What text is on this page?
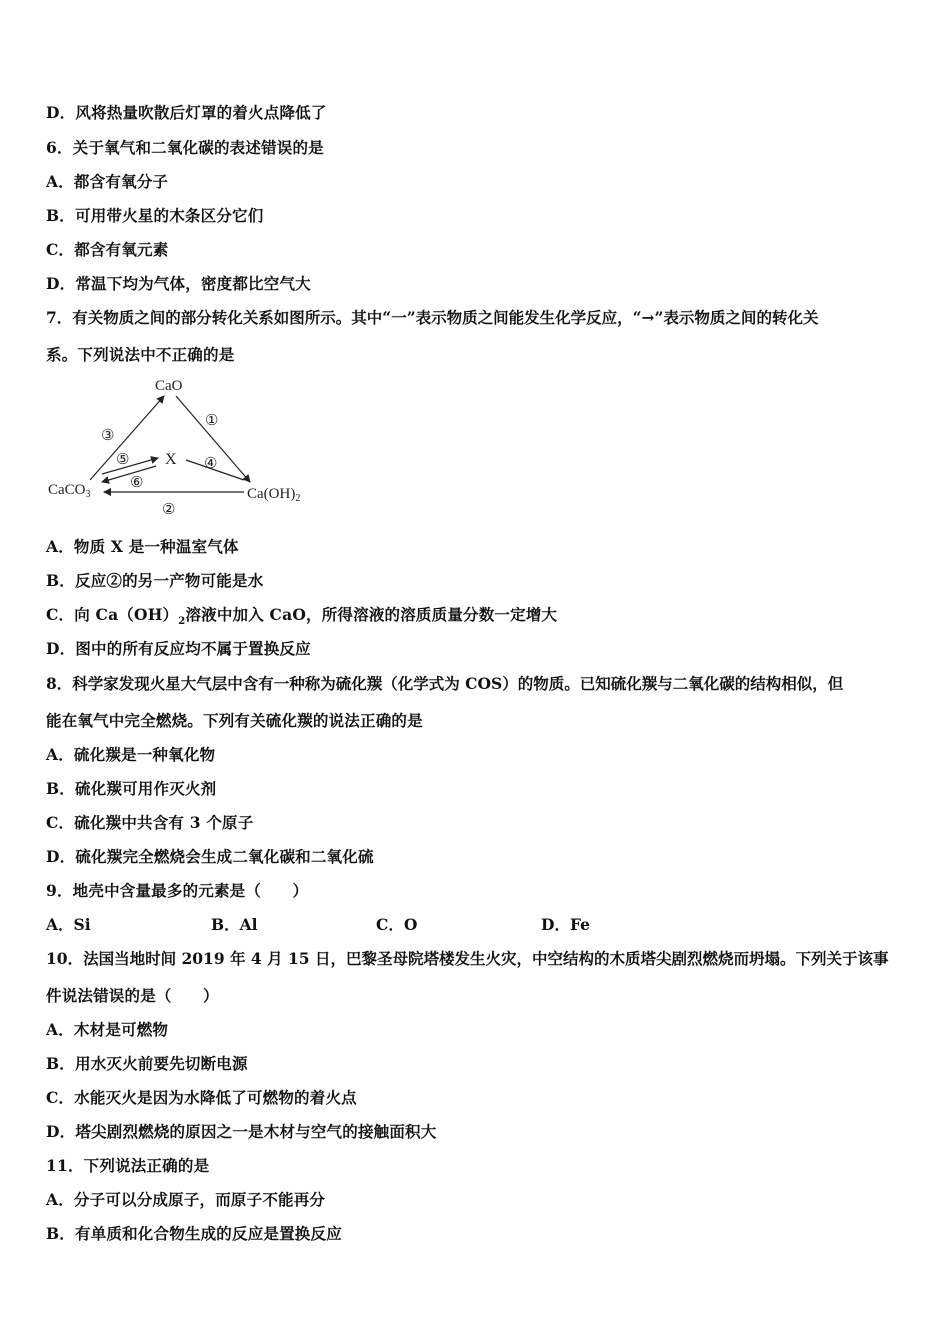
D．风将热量吹散后灯罩的着火点降低了
6．关于氧气和二氧化碳的表述错误的是
A．都含有氧分子
B．可用带火星的木条区分它们
C．都含有氧元素
D．常温下均为气体，密度都比空气大
7．有关物质之间的部分转化关系如图所示。其中“一”表示物质之间能发生化学反应，“→”表示物质之间的转化关
系。下列说法中不正确的是
CaO
CaCO$_3$	$Ca(OH)_2$
X
①
②
③
④
⑤
⑥
A．物质 X 是一种温室气体
B．反应②的另一产物可能是水
C．向 $Ca(OH)_2$溶液中加入 CaO，所得溶液的溶质质量分数一定增大
D．图中的所有反应均不属于置换反应
8．科学家发现火星大气层中含有一种称为硫化羰（化学式为 COS）的物质。已知硫化羰与二氧化碳的结构相似，但
能在氧气中完全燃烧。下列有关硫化羰的说法正确的是
A．硫化羰是一种氧化物
B．硫化羰可用作灭火剂
C．硫化羰中共含有 3 个原子
D．硫化羰完全燃烧会生成二氧化碳和二氧化硫
9．地壳中含量最多的元素是（　　）
A．Si	B．Al	C．O	D．Fe
10．法国当地时间 2019 年 4 月 15 日，巴黎圣母院塔楼发生火灾，中空结构的木质塔尖剧烈燃烧而坍塌。下列关于该事
件说法错误的是（　　）
A．木材是可燃物
B．用水灭火前要先切断电源
C．水能灭火是因为水降低了可燃物的着火点
D．塔尖剧烈燃烧的原因之一是木材与空气的接触面积大
11．下列说法正确的是
A．分子可以分成原子，而原子不能再分
B．有单质和化合物生成的反应是置换反应
